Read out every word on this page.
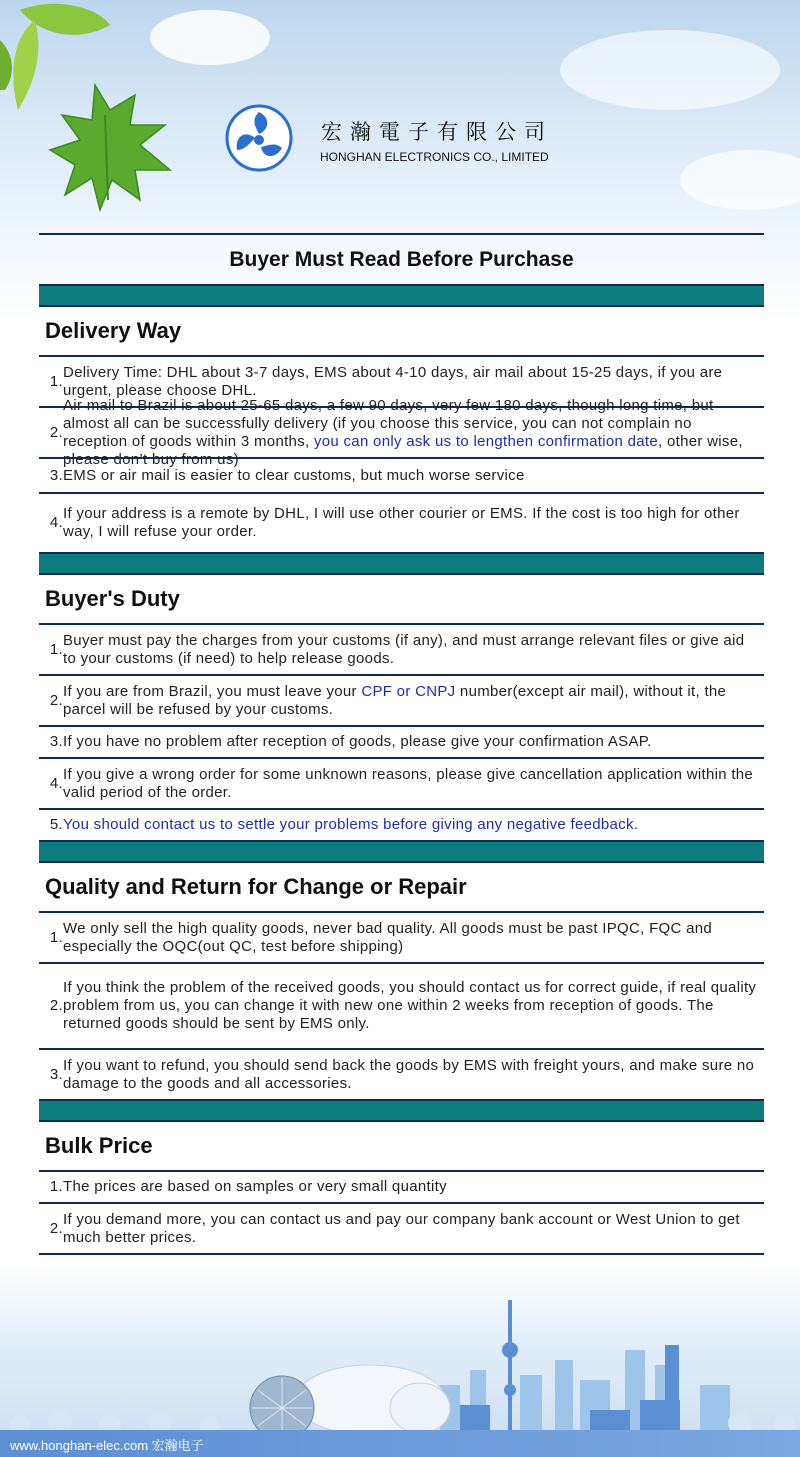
宏瀚電子有限公司
HONGHAN ELECTRONICS CO., LIMITED
Buyer Must Read Before Purchase
Delivery Way
1.
Delivery Time: DHL about 3-7 days, EMS about 4-10 days, air mail about 15-25 days, if you are urgent, please choose DHL.
2.
Air mail to Brazil is about 25-65 days, a few 90 days, very few 180 days, though long time, but almost all can be successfully delivery (if you choose this service, you can not complain no reception of goods within 3 months, you can only ask us to lengthen confirmation date, other wise, please don’t buy from us)
3. EMS or air mail is easier to clear customs, but much worse service
4.
If your address is a remote by DHL, I will use other courier or EMS. If the cost is too high for other way, I will refuse your order.
Buyer's Duty
1.
Buyer must pay the charges from your customs (if any), and must arrange relevant files or give aid to your customs (if need) to help release goods.
2.
If you are from Brazil, you must leave your CPF or CNPJ number(except air mail), without it, the parcel will be refused by your customs.
3. If you have no problem after reception of goods, please give your confirmation ASAP.
4.
If you give a wrong order for some unknown reasons, please give cancellation application within the valid period of the order.
5. You should contact us to settle your problems before giving any negative feedback.
Quality and Return for Change or Repair
1.
We only sell the high quality goods, never bad quality. All goods must be past IPQC, FQC and especially the OQC(out QC, test before shipping)
2.
If you think the problem of the received goods, you should contact us for correct guide, if real quality problem from us, you can change it with new one within 2 weeks from reception of goods. The returned goods should be sent by EMS only.
3.
If you want to refund, you should send back the goods by EMS with freight yours, and make sure no damage to the goods and all accessories.
Bulk Price
1. The prices are based on samples or very small quantity
2.
If you demand more, you can contact us and pay our company bank account or West Union to get much better prices.
www.honghan-elec.com 宏瀚电子
